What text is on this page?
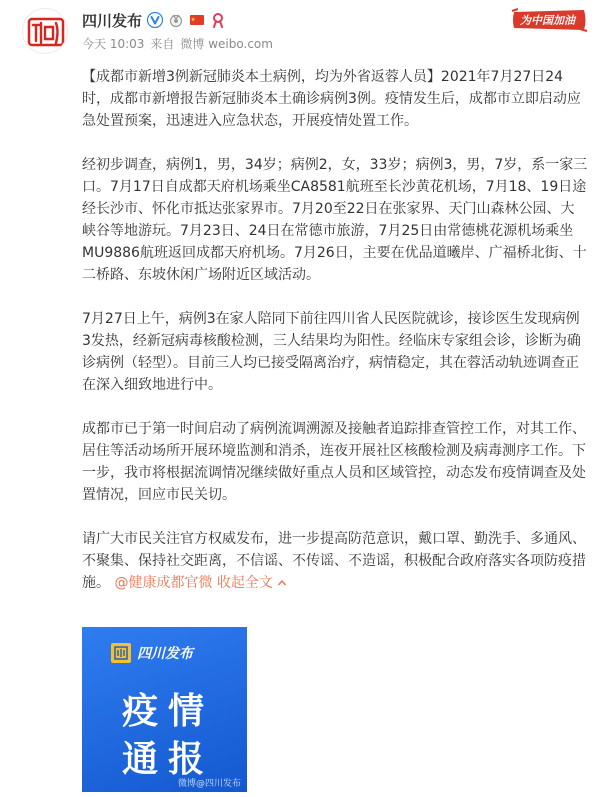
四川发布
今天 10:03 来自 微博 weibo.com
为中国加油

【成都市新增3例新冠肺炎本土病例，均为外省返蓉人员】2021年7月27日24时，成都市新增报告新冠肺炎本土确诊病例3例。疫情发生后，成都市立即启动应急处置预案，迅速进入应急状态，开展疫情处置工作。

经初步调查，病例1，男，34岁；病例2，女，33岁；病例3，男，7岁，系一家三口。7月17日自成都天府机场乘坐CA8581航班至长沙黄花机场，7月18、19日途经长沙市、怀化市抵达张家界市。7月20至22日在张家界、天门山森林公园、大峡谷等地游玩。7月23日、24日在常德市旅游，7月25日由常德桃花源机场乘坐MU9886航班返回成都天府机场。7月26日，主要在优品道曦岸、广福桥北街、十二桥路、东坡休闲广场附近区域活动。

7月27日上午，病例3在家人陪同下前往四川省人民医院就诊，接诊医生发现病例3发热，经新冠病毒核酸检测，三人结果均为阳性。经临床专家组会诊，诊断为确诊病例（轻型）。目前三人均已接受隔离治疗，病情稳定，其在蓉活动轨迹调查正在深入细致地进行中。

成都市已于第一时间启动了病例流调溯源及接触者追踪排查管控工作，对其工作、居住等活动场所开展环境监测和消杀，连夜开展社区核酸检测及病毒测序工作。下一步，我市将根据流调情况继续做好重点人员和区域管控，动态发布疫情调查及处置情况，回应市民关切。

请广大市民关注官方权威发布，进一步提高防范意识，戴口罩、勤洗手、多通风、不聚集、保持社交距离，不信谣、不传谣、不造谣，积极配合政府落实各项防疫措施。 @健康成都官微 收起全文

四川发布
疫情
通报
微博@四川发布
